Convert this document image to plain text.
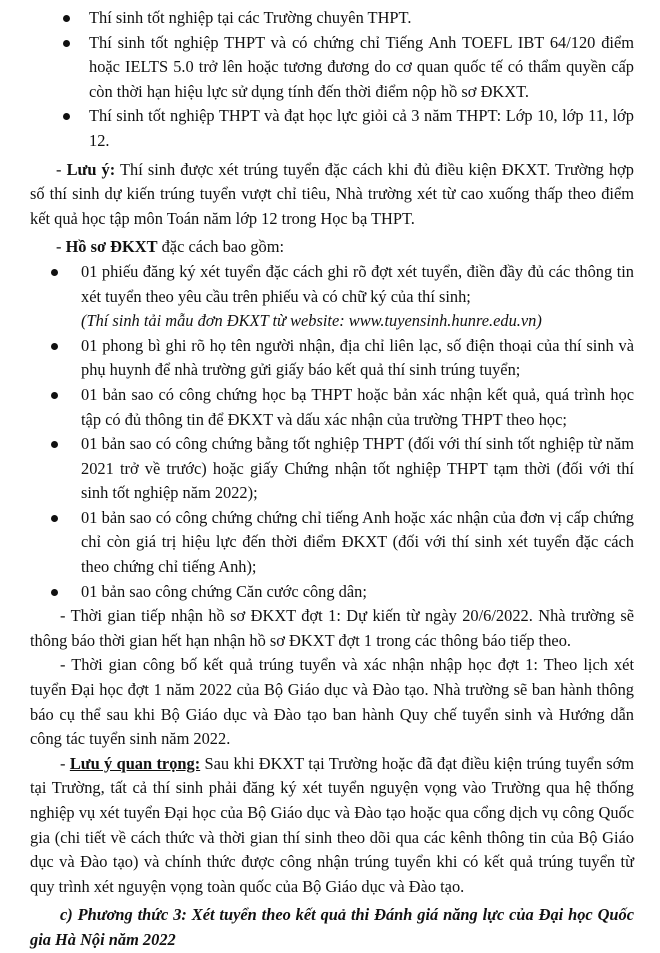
Thí sinh tốt nghiệp tại các Trường chuyên THPT.
Thí sinh tốt nghiệp THPT và có chứng chỉ Tiếng Anh TOEFL IBT 64/120 điểm hoặc IELTS 5.0 trở lên hoặc tương đương do cơ quan quốc tế có thẩm quyền cấp còn thời hạn hiệu lực sử dụng tính đến thời điểm nộp hồ sơ ĐKXT.
Thí sinh tốt nghiệp THPT và đạt học lực giỏi cả 3 năm THPT: Lớp 10, lớp 11, lớp 12.

- Lưu ý: Thí sinh được xét trúng tuyển đặc cách khi đủ điều kiện ĐKXT. Trường hợp số thí sinh dự kiến trúng tuyển vượt chỉ tiêu, Nhà trường xét từ cao xuống thấp theo điểm kết quả học tập môn Toán năm lớp 12 trong Học bạ THPT.

- Hồ sơ ĐKXT đặc cách bao gồm:

01 phiếu đăng ký xét tuyển đặc cách ghi rõ đợt xét tuyển, điền đầy đủ các thông tin xét tuyển theo yêu cầu trên phiếu và có chữ ký của thí sinh;
(Thí sinh tải mẫu đơn ĐKXT từ website: www.tuyensinh.hunre.edu.vn)
01 phong bì ghi rõ họ tên người nhận, địa chỉ liên lạc, số điện thoại của thí sinh và phụ huynh để nhà trường gửi giấy báo kết quả thí sinh trúng tuyển;
01 bản sao có công chứng học bạ THPT hoặc bản xác nhận kết quả, quá trình học tập có đủ thông tin để ĐKXT và dấu xác nhận của trường THPT theo học;
01 bản sao có công chứng bằng tốt nghiệp THPT (đối với thí sinh tốt nghiệp từ năm 2021 trở về trước) hoặc giấy Chứng nhận tốt nghiệp THPT tạm thời (đối với thí sinh tốt nghiệp năm 2022);
01 bản sao có công chứng chứng chỉ tiếng Anh hoặc xác nhận của đơn vị cấp chứng chỉ còn giá trị hiệu lực đến thời điểm ĐKXT (đối với thí sinh xét tuyển đặc cách theo chứng chỉ tiếng Anh);
01 bản sao công chứng Căn cước công dân;

- Thời gian tiếp nhận hồ sơ ĐKXT đợt 1: Dự kiến từ ngày 20/6/2022. Nhà trường sẽ thông báo thời gian hết hạn nhận hồ sơ ĐKXT đợt 1 trong các thông báo tiếp theo.

- Thời gian công bố kết quả trúng tuyển và xác nhận nhập học đợt 1: Theo lịch xét tuyển Đại học đợt 1 năm 2022 của Bộ Giáo dục và Đào tạo. Nhà trường sẽ ban hành thông báo cụ thể sau khi Bộ Giáo dục và Đào tạo ban hành Quy chế tuyển sinh và Hướng dẫn công tác tuyển sinh năm 2022.

- Lưu ý quan trọng: Sau khi ĐKXT tại Trường hoặc đã đạt điều kiện trúng tuyển sớm tại Trường, tất cả thí sinh phải đăng ký xét tuyển nguyện vọng vào Trường qua hệ thống nghiệp vụ xét tuyển Đại học của Bộ Giáo dục và Đào tạo hoặc qua cổng dịch vụ công Quốc gia (chi tiết về cách thức và thời gian thí sinh theo dõi qua các kênh thông tin của Bộ Giáo dục và Đào tạo) và chính thức được công nhận trúng tuyển khi có kết quả trúng tuyển từ quy trình xét nguyện vọng toàn quốc của Bộ Giáo dục và Đào tạo.

c) Phương thức 3: Xét tuyển theo kết quả thi Đánh giá năng lực của Đại học Quốc gia Hà Nội năm 2022
